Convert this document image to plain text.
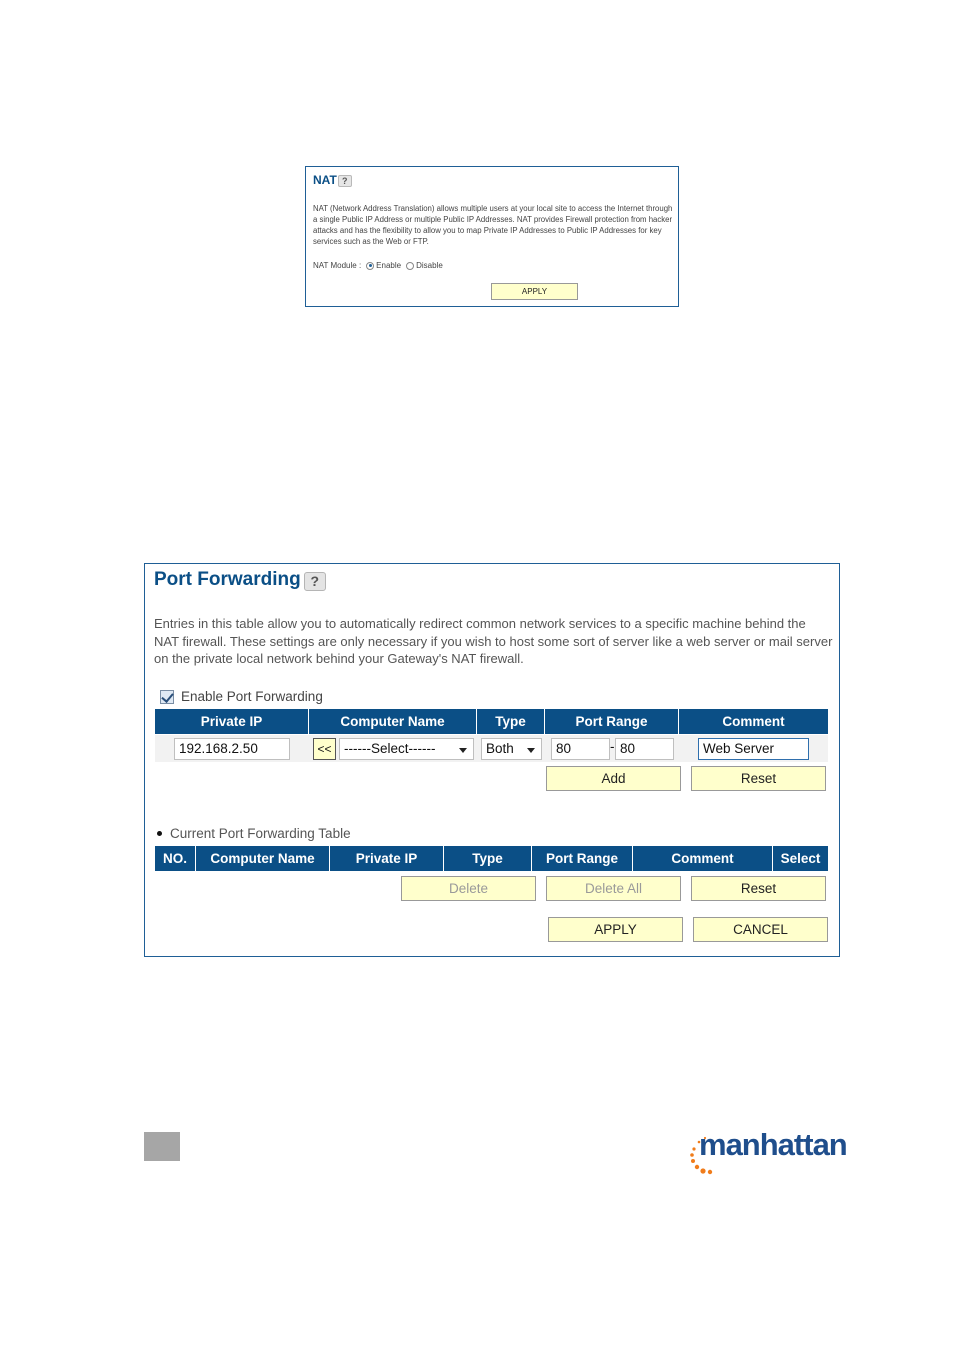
NAT ?
NAT (Network Address Translation) allows multiple users at your local site to access the Internet through a single Public IP Address or multiple Public IP Addresses. NAT provides Firewall protection from hacker attacks and has the flexibility to allow you to map Private IP Addresses to Public IP Addresses for key services such as the Web or FTP.
NAT Module : Enable Disable
APPLY
Port Forwarding ?
Entries in this table allow you to automatically redirect common network services to a specific machine behind the NAT firewall. These settings are only necessary if you wish to host some sort of server like a web server or mail server on the private local network behind your Gateway's NAT firewall.
Enable Port Forwarding
Private IP	Computer Name	Type	Port Range	Comment
192.168.2.50	<< ------Select------	Both	80	- 80	Web Server
Add	Reset
Current Port Forwarding Table
NO.	Computer Name	Private IP	Type	Port Range	Comment	Select
Delete	Delete All	Reset
APPLY	CANCEL
manhattan
